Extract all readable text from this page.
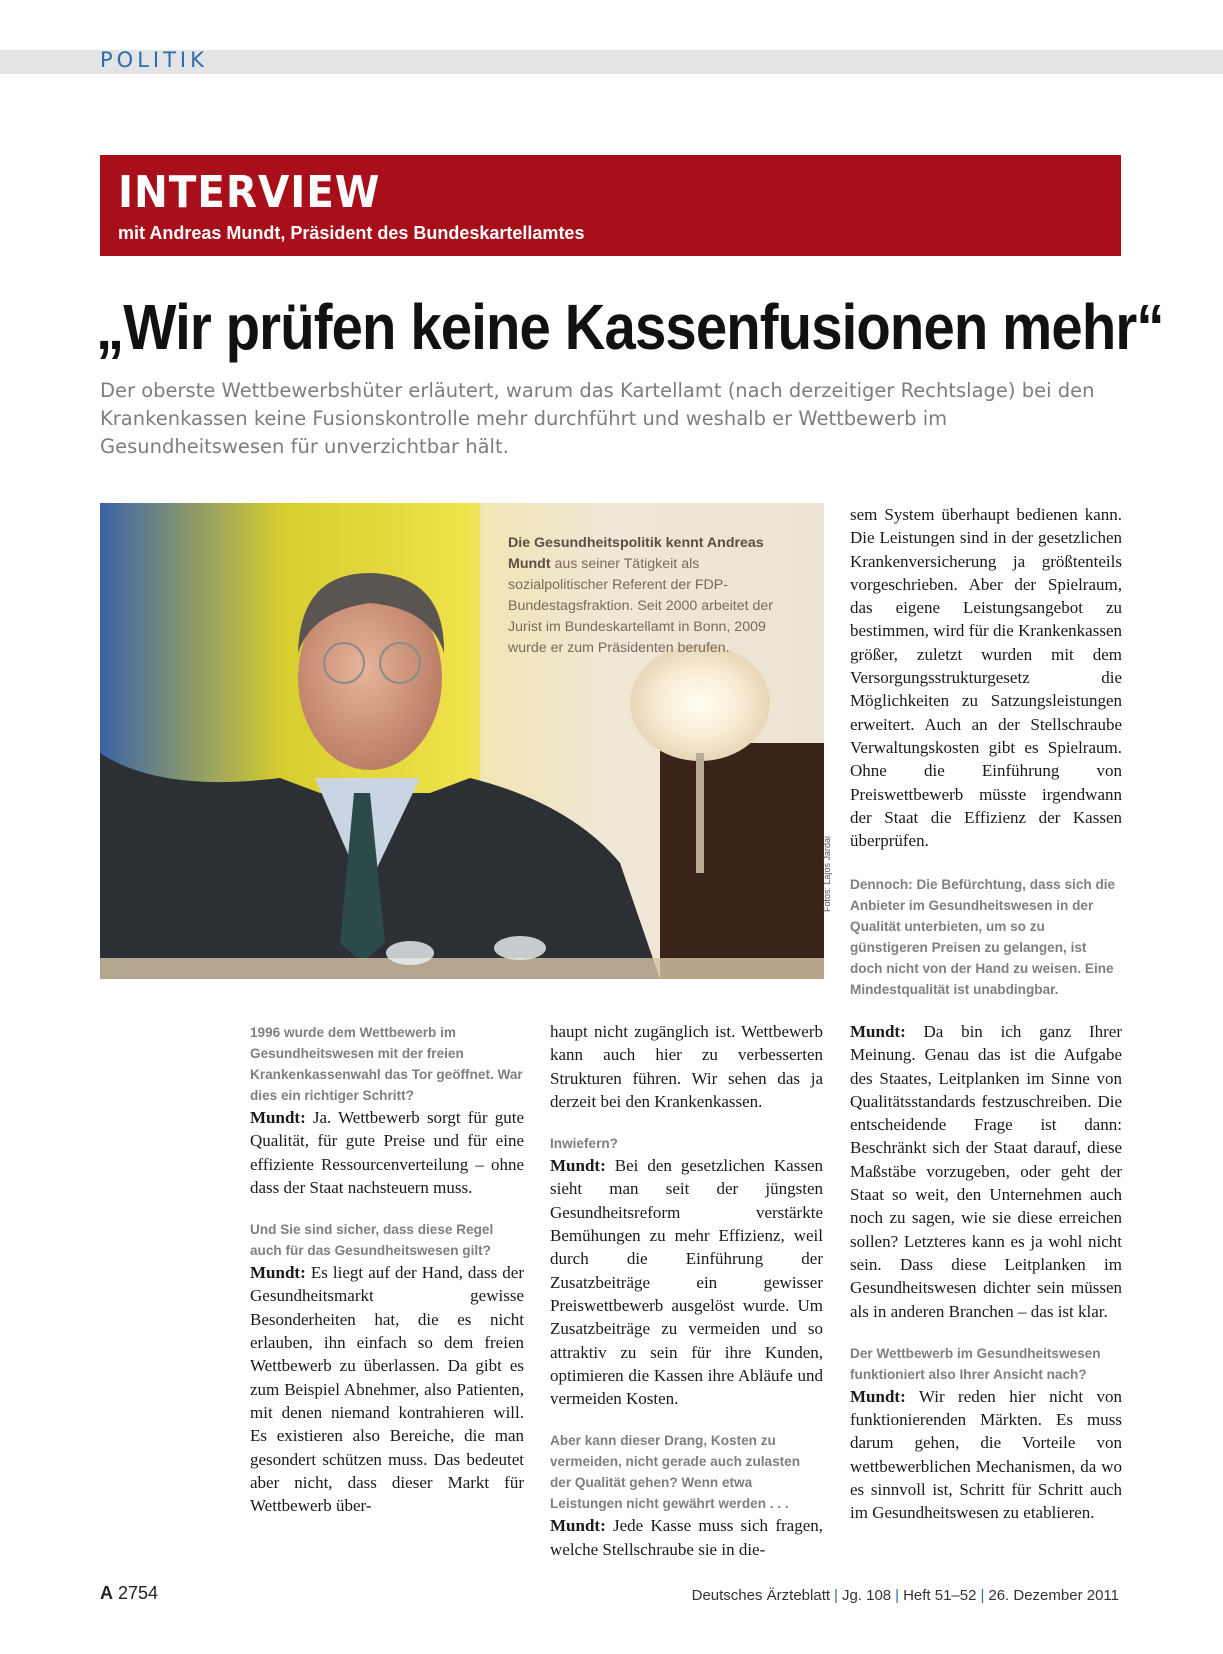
POLITIK
INTERVIEW
mit Andreas Mundt, Präsident des Bundeskartellamtes
„Wir prüfen keine Kassenfusionen mehr“
Der oberste Wettbewerbshüter erläutert, warum das Kartellamt (nach derzeitiger Rechtslage) bei den Krankenkassen keine Fusionskontrolle mehr durchführt und weshalb er Wettbewerb im Gesundheitswesen für unverzichtbar hält.
Die Gesundheitspolitik kennt Andreas Mundt aus seiner Tätigkeit als sozialpolitischer Referent der FDP-Bundestagsfraktion. Seit 2000 arbeitet der Jurist im Bundeskartellamt in Bonn, 2009 wurde er zum Präsidenten berufen.
Fotos: Lajos Jardai

sem System überhaupt bedienen kann. Die Leistungen sind in der gesetzlichen Krankenversicherung ja größtenteils vorgeschrieben. Aber der Spielraum, das eigene Leistungsangebot zu bestimmen, wird für die Krankenkassen größer, zuletzt wurden mit dem Versorgungsstrukturgesetz die Möglichkeiten zu Satzungsleistungen erweitert. Auch an der Stellschraube Verwaltungskosten gibt es Spielraum. Ohne die Einführung von Preiswettbewerb müsste irgendwann der Staat die Effizienz der Kassen überprüfen.

Dennoch: Die Befürchtung, dass sich die Anbieter im Gesundheitswesen in der Qualität unterbieten, um so zu günstigeren Preisen zu gelangen, ist doch nicht von der Hand zu weisen. Eine Mindestqualität ist unabdingbar.

1996 wurde dem Wettbewerb im Gesundheitswesen mit der freien Krankenkassenwahl das Tor geöffnet. War dies ein richtiger Schritt?

Mundt: Ja. Wettbewerb sorgt für gute Qualität, für gute Preise und für eine effiziente Ressourcenverteilung – ohne dass der Staat nachsteuern muss.

Und Sie sind sicher, dass diese Regel auch für das Gesundheitswesen gilt?

Mundt: Es liegt auf der Hand, dass der Gesundheitsmarkt gewisse Besonderheiten hat, die es nicht erlauben, ihn einfach so dem freien Wettbewerb zu überlassen. Da gibt es zum Beispiel Abnehmer, also Patienten, mit denen niemand kontrahieren will. Es existieren also Bereiche, die man gesondert schützen muss. Das bedeutet aber nicht, dass dieser Markt für Wettbewerb über-

haupt nicht zugänglich ist. Wettbewerb kann auch hier zu verbesserten Strukturen führen. Wir sehen das ja derzeit bei den Krankenkassen.

Inwiefern?

Mundt: Bei den gesetzlichen Kassen sieht man seit der jüngsten Gesundheitsreform verstärkte Bemühungen zu mehr Effizienz, weil durch die Einführung der Zusatzbeiträge ein gewisser Preiswettbewerb ausgelöst wurde. Um Zusatzbeiträge zu vermeiden und so attraktiv zu sein für ihre Kunden, optimieren die Kassen ihre Abläufe und vermeiden Kosten.

Aber kann dieser Drang, Kosten zu vermeiden, nicht gerade auch zulasten der Qualität gehen? Wenn etwa Leistungen nicht gewährt werden . . .

Mundt: Jede Kasse muss sich fragen, welche Stellschraube sie in die-

Mundt: Da bin ich ganz Ihrer Meinung. Genau das ist die Aufgabe des Staates, Leitplanken im Sinne von Qualitätsstandards festzuschreiben. Die entscheidende Frage ist dann: Beschränkt sich der Staat darauf, diese Maßstäbe vorzugeben, oder geht der Staat so weit, den Unternehmen auch noch zu sagen, wie sie diese erreichen sollen? Letzteres kann es ja wohl nicht sein. Dass diese Leitplanken im Gesundheitswesen dichter sein müssen als in anderen Branchen – das ist klar.

Der Wettbewerb im Gesundheitswesen funktioniert also Ihrer Ansicht nach?

Mundt: Wir reden hier nicht von funktionierenden Märkten. Es muss darum gehen, die Vorteile von wettbewerblichen Mechanismen, da wo es sinnvoll ist, Schritt für Schritt auch im Gesundheitswesen zu etablieren.

A 2754	Deutsches Ärzteblatt | Jg. 108 | Heft 51–52 | 26. Dezember 2011
